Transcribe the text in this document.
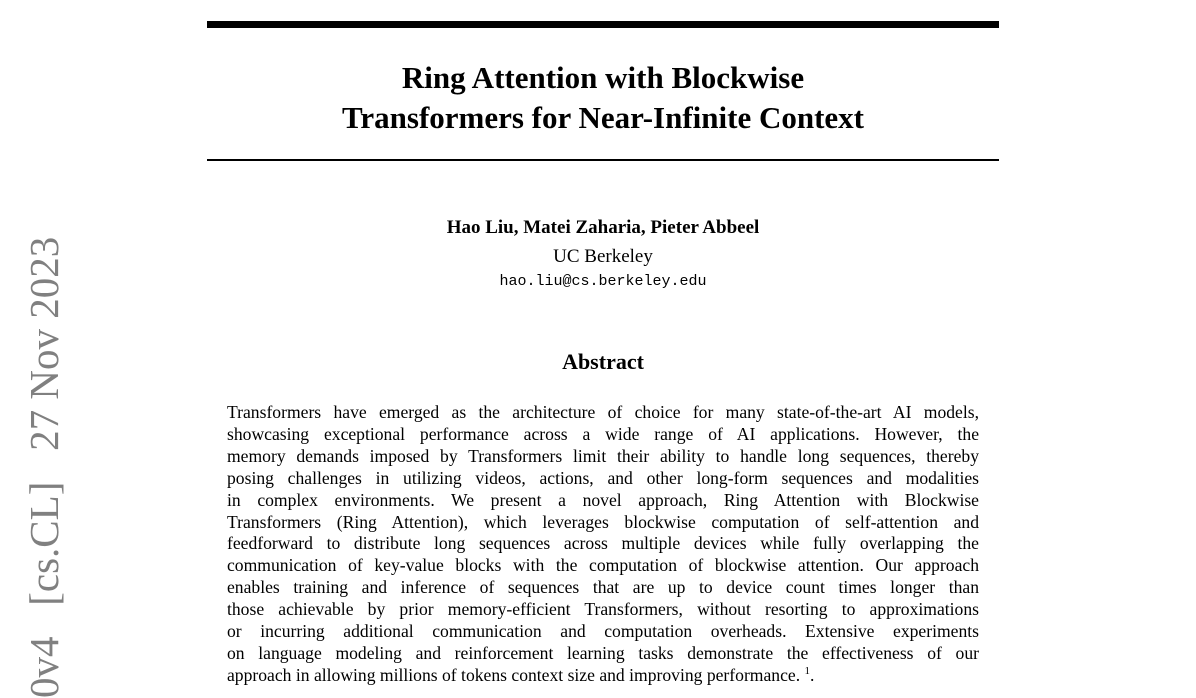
Ring Attention with Blockwise
Transformers for Near-Infinite Context
Hao Liu, Matei Zaharia, Pieter Abbeel
UC Berkeley
hao.liu@cs.berkeley.edu
Abstract
Transformers have emerged as the architecture of choice for many state-of-the-art AI models,
showcasing exceptional performance across a wide range of AI applications. However, the
memory demands imposed by Transformers limit their ability to handle long sequences, thereby
posing challenges in utilizing videos, actions, and other long-form sequences and modalities
in complex environments. We present a novel approach, Ring Attention with Blockwise
Transformers (Ring Attention), which leverages blockwise computation of self-attention and
feedforward to distribute long sequences across multiple devices while fully overlapping the
communication of key-value blocks with the computation of blockwise attention. Our approach
enables training and inference of sequences that are up to device count times longer than
those achievable by prior memory-efficient Transformers, without resorting to approximations
or incurring additional communication and computation overheads. Extensive experiments
on language modeling and reinforcement learning tasks demonstrate the effectiveness of our
approach in allowing millions of tokens context size and improving performance. $^1$.
0v4   [cs.CL]   27 Nov 2023
